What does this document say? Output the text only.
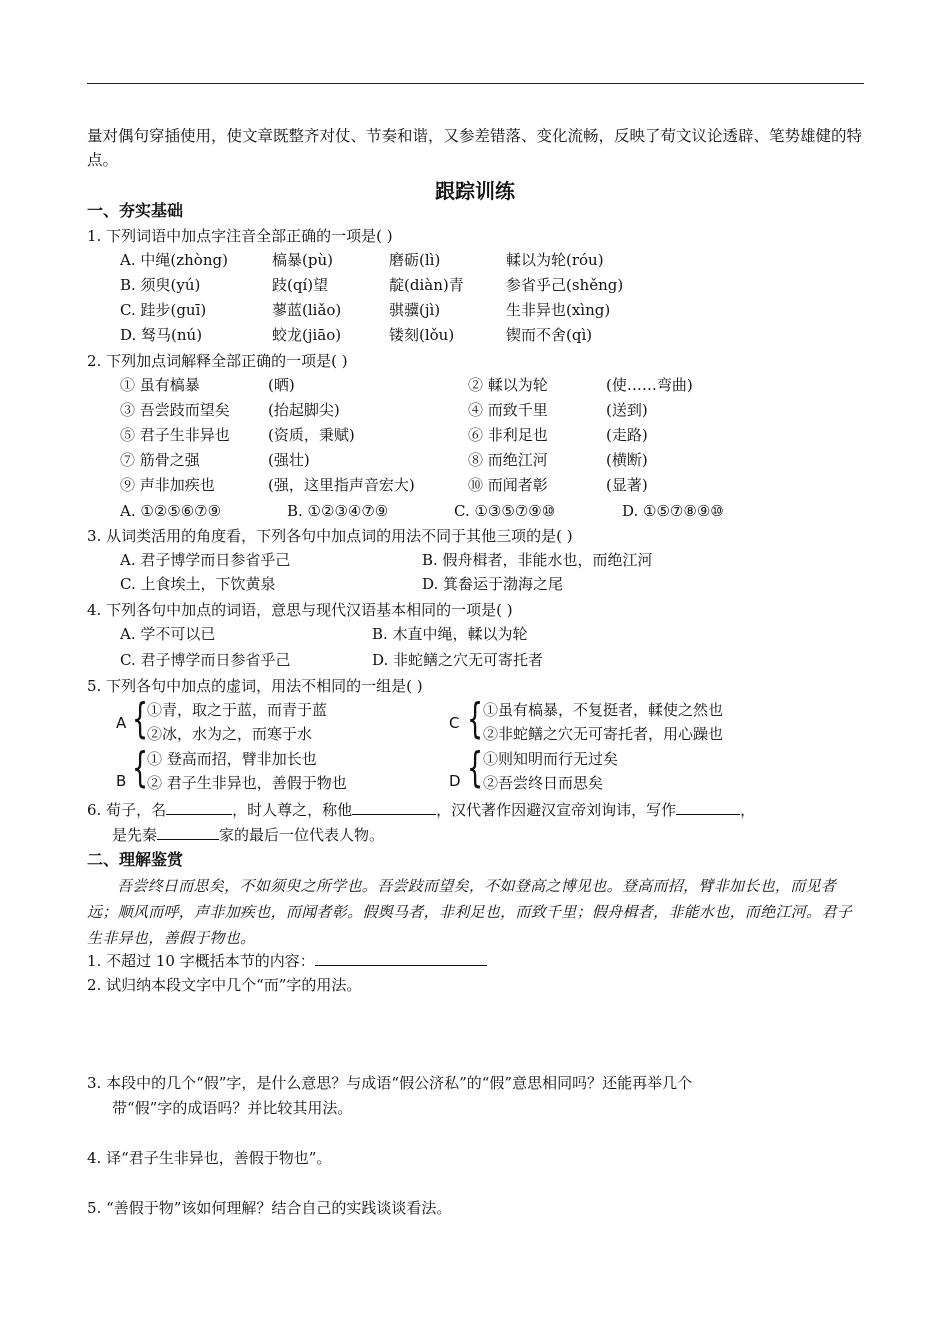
量对偶句穿插使用，使文章既整齐对仗、节奏和谐，又参差错落、变化流畅，反映了荀文议论透辟、笔势雄健的特点。
跟踪训练
一、夯实基础
1. 下列词语中加点字注音全部正确的一项是( )
A. 中绳(zhòng)	槁暴(pù)	磨砺(lì)	輮以为轮(róu)
B. 须臾(yú)	跂(qí)望	靛(diàn)青	参省乎己(shěng)
C. 跬步(guī)	蓼蓝(liǎo)	骐骥(jì)	生非异也(xìng)
D. 驽马(nú)	蛟龙(jiāo)	镂刻(lǒu)	锲而不舍(qì)
2. 下列加点词解释全部正确的一项是( )
① 虽有槁暴	(晒)	② 輮以为轮	(使……弯曲)
③ 吾尝跂而望矣	(抬起脚尖)	④ 而致千里	(送到)
⑤ 君子生非异也	(资质，秉赋)	⑥ 非利足也	(走路)
⑦ 筋骨之强	(强壮)	⑧ 而绝江河	(横断)
⑨ 声非加疾也	(强，这里指声音宏大)	⑩ 而闻者彰	(显著)
A. ①②⑤⑥⑦⑨	B. ①②③④⑦⑨	C. ①③⑤⑦⑨⑩	D. ①⑤⑦⑧⑨⑩
3. 从词类活用的角度看，下列各句中加点词的用法不同于其他三项的是( )
A. 君子博学而日参省乎己	B. 假舟楫者，非能水也，而绝江河
C. 上食埃土，下饮黄泉	D. 箕畚运于渤海之尾
4. 下列各句中加点的词语，意思与现代汉语基本相同的一项是( )
A. 学不可以已	B. 木直中绳，輮以为轮
C. 君子博学而日参省乎己	D. 非蛇鳝之穴无可寄托者
5. 下列各句中加点的虚词，用法不相同的一组是( )
A {
①青，取之于蓝，而青于蓝
②冰，水为之，而寒于水
C { ①虽有槁暴，不复挺者，輮使之然也
②非蛇鳝之穴无可寄托者，用心躁也
B {
① 登高而招，臂非加长也
② 君子生非异也，善假于物也	D { ①则知明而行无过矣
②吾尝终日而思矣
6. 荀子，名	，时人尊之，称他	，汉代著作因避汉宣帝刘询讳，写作	，
是先秦	家的最后一位代表人物。
二、理解鉴赏
吾尝终日而思矣，不如须臾之所学也。吾尝跂而望矣，不如登高之博见也。登高而招，臂非加长也，而见者远；顺风而呼，声非加疾也，而闻者彰。假舆马者，非利足也，而致千里；假舟楫者，非能水也，而绝江河。君子生非异也，善假于物也。
1. 不超过 10 字概括本节的内容：
2. 试归纳本段文字中几个“而”字的用法。
3. 本段中的几个“假”字，是什么意思？与成语“假公济私”的“假”意思相同吗？还能再举几个
带“假”字的成语吗？并比较其用法。
4. 译“君子生非异也，善假于物也”。
5. “善假于物”该如何理解？结合自己的实践谈谈看法。
